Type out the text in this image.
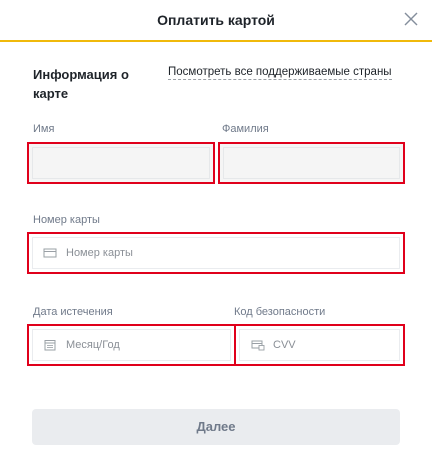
Оплатить картой
Информация о карте
Посмотреть все поддерживаемые страны
Имя	Фамилия
Номер карты
Номер карты
Дата истечения
Месяц/Год
Код безопасности
CVV
Далее
